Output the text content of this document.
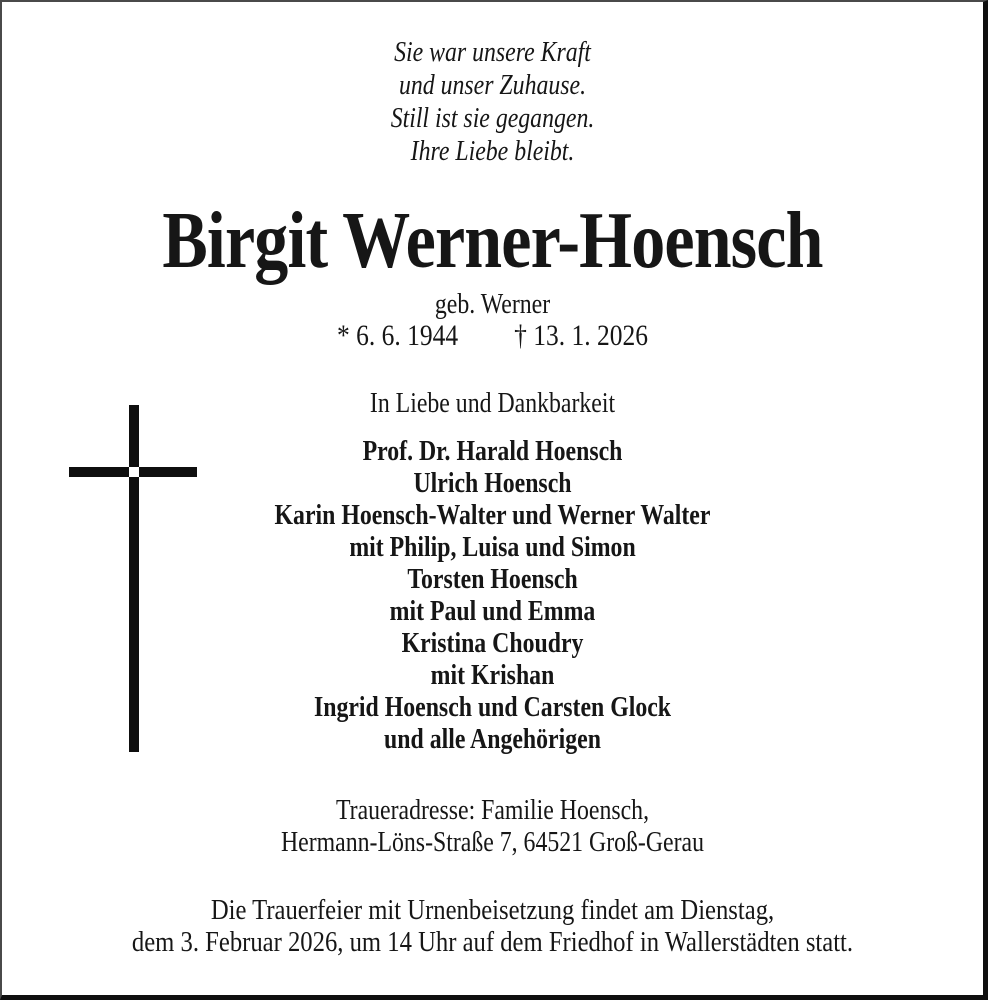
Sie war unsere Kraft
und unser Zuhause.
Still ist sie gegangen.
Ihre Liebe bleibt.
Birgit Werner-Hoensch
geb. Werner
* 6. 6. 1944 † 13. 1. 2026
In Liebe und Dankbarkeit
Prof. Dr. Harald Hoensch
Ulrich Hoensch
Karin Hoensch-Walter und Werner Walter
mit Philip, Luisa und Simon
Torsten Hoensch
mit Paul und Emma
Kristina Choudry
mit Krishan
Ingrid Hoensch und Carsten Glock
und alle Angehörigen
Traueradresse: Familie Hoensch,
Hermann-Löns-Straße 7, 64521 Groß-Gerau
Die Trauerfeier mit Urnenbeisetzung findet am Dienstag,
dem 3. Februar 2026, um 14 Uhr auf dem Friedhof in Wallerstädten statt.
